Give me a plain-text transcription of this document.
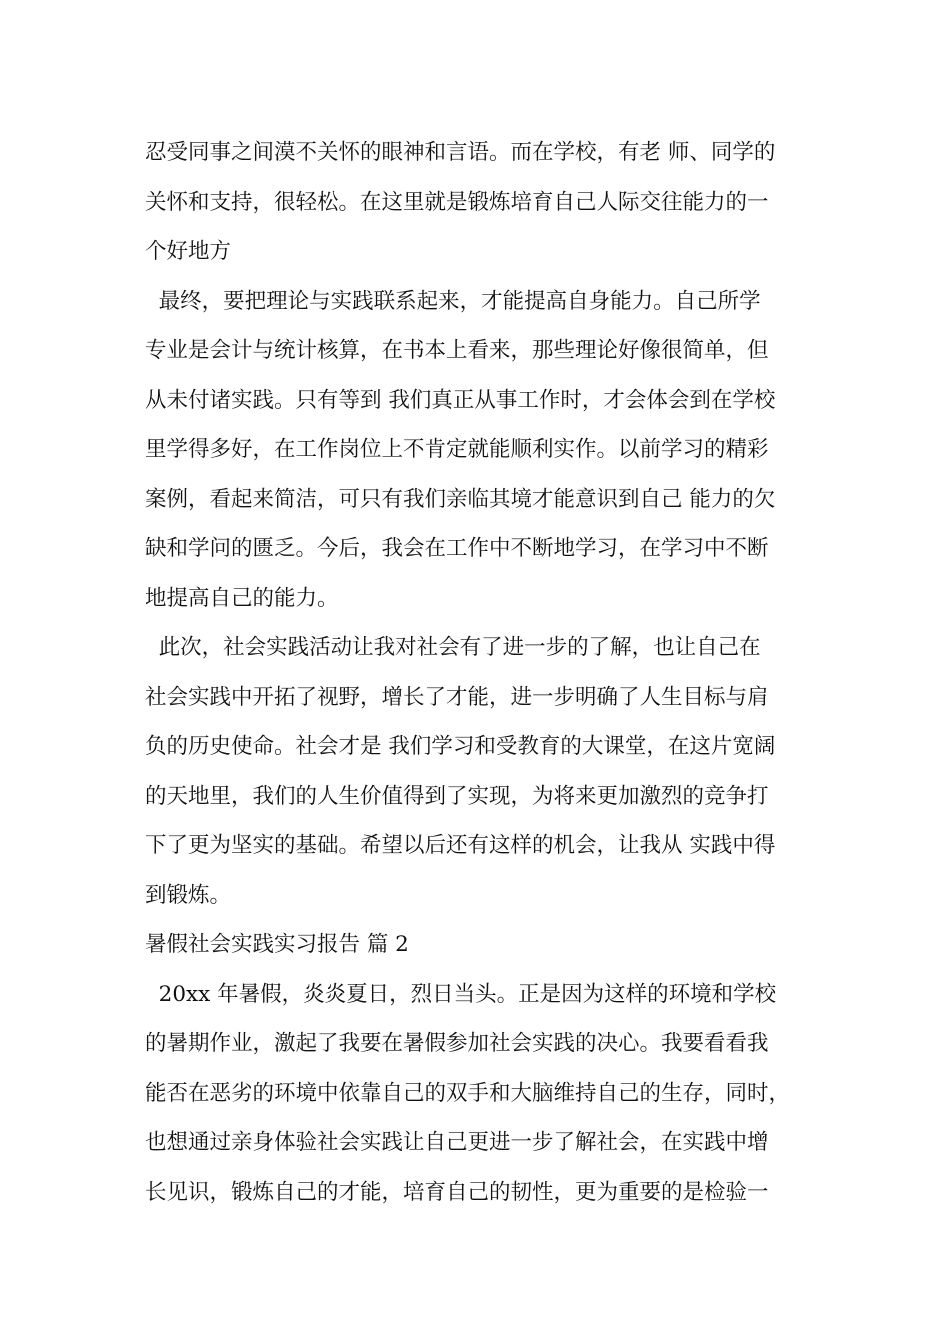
忍受同事之间漠不关怀的眼神和言语。而在学校，有老 师、同学的
关怀和支持，很轻松。在这里就是锻炼培育自己人际交往能力的一
个好地方
最终，要把理论与实践联系起来，才能提高自身能力。自己所学
专业是会计与统计核算，在书本上看来，那些理论好像很简单，但
从未付诸实践。只有等到 我们真正从事工作时，才会体会到在学校
里学得多好，在工作岗位上不肯定就能顺利实作。以前学习的精彩
案例，看起来简洁，可只有我们亲临其境才能意识到自己 能力的欠
缺和学问的匮乏。今后，我会在工作中不断地学习，在学习中不断
地提高自己的能力。
此次，社会实践活动让我对社会有了进一步的了解，也让自己在
社会实践中开拓了视野，增长了才能，进一步明确了人生目标与肩
负的历史使命。社会才是 我们学习和受教育的大课堂，在这片宽阔
的天地里，我们的人生价值得到了实现，为将来更加激烈的竞争打
下了更为坚实的基础。希望以后还有这样的机会，让我从 实践中得
到锻炼。
暑假社会实践实习报告 篇 2
20xx 年暑假，炎炎夏日，烈日当头。正是因为这样的环境和学校
的暑期作业，激起了我要在暑假参加社会实践的决心。我要看看我
能否在恶劣的环境中依靠自己的双手和大脑维持自己的生存，同时，
也想通过亲身体验社会实践让自己更进一步了解社会，在实践中增
长见识，锻炼自己的才能，培育自己的韧性，更为重要的是检验一
